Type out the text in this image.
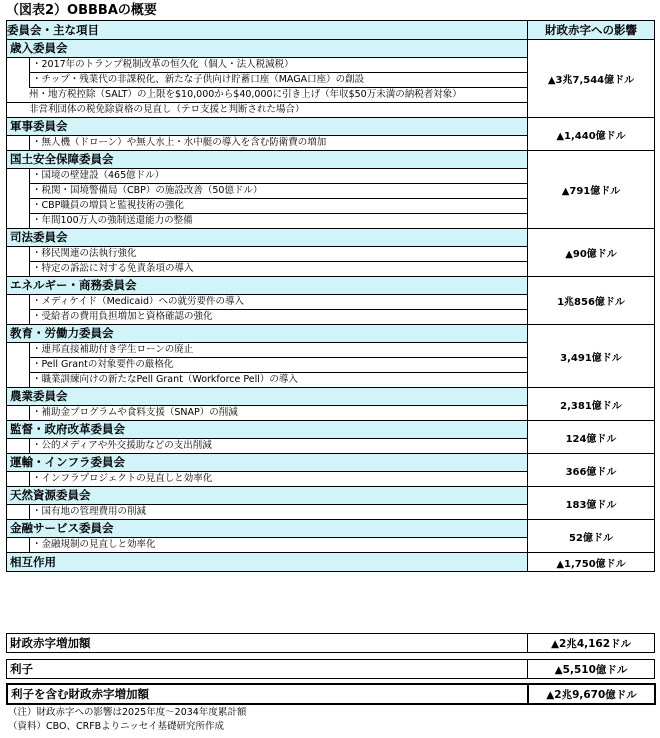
（図表2）OBBBAの概要
委員会・主な項目	財政赤字への影響

歳入委員会
・2017年のトランプ税制改革の恒久化（個人・法人税減税）
・チップ・残業代の非課税化、新たな子供向け貯蓄口座（MAGA口座）の創設
州・地方税控除（SALT）の上限を$10,000から$40,000に引き上げ（年収$50万未満の納税者対象）
非営利団体の税免除資格の見直し（テロ支援と判断された場合）	▲3兆7,544億ドル

軍事委員会
・無人機（ドローン）や無人水上・水中艇の導入を含む防衛費の増加	▲1,440億ドル

国土安全保障委員会
・国境の壁建設（465億ドル）
・税関・国境警備局（CBP）の施設改善（50億ドル）
・CBP職員の増員と監視技術の強化
・年間100万人の強制送還能力の整備	▲791億ドル

司法委員会
・移民関連の法執行強化
・特定の訴訟に対する免責条項の導入	▲90億ドル

エネルギー・商務委員会
・メディケイド（Medicaid）への就労要件の導入
・受給者の費用負担増加と資格確認の強化	1兆856億ドル

教育・労働力委員会
・連邦直接補助付き学生ローンの廃止
・Pell Grantの対象要件の厳格化
・職業訓練向けの新たなPell Grant（Workforce Pell）の導入	3,491億ドル

農業委員会
・補助金プログラムや食料支援（SNAP）の削減	2,381億ドル

監督・政府改革委員会
・公的メディアや外交援助などの支出削減	124億ドル

運輸・インフラ委員会
・インフラプロジェクトの見直しと効率化	366億ドル

天然資源委員会
・国有地の管理費用の削減	183億ドル

金融サービス委員会
・金融規制の見直しと効率化	52億ドル
相互作用	▲1,750億ドル
財政赤字増加額	▲2兆4,162ドル
利子	▲5,510億ドル
利子を含む財政赤字増加額	▲2兆9,670億ドル
（注）財政赤字への影響は2025年度～2034年度累計額
（資料）CBO、CRFBよりニッセイ基礎研究所作成
